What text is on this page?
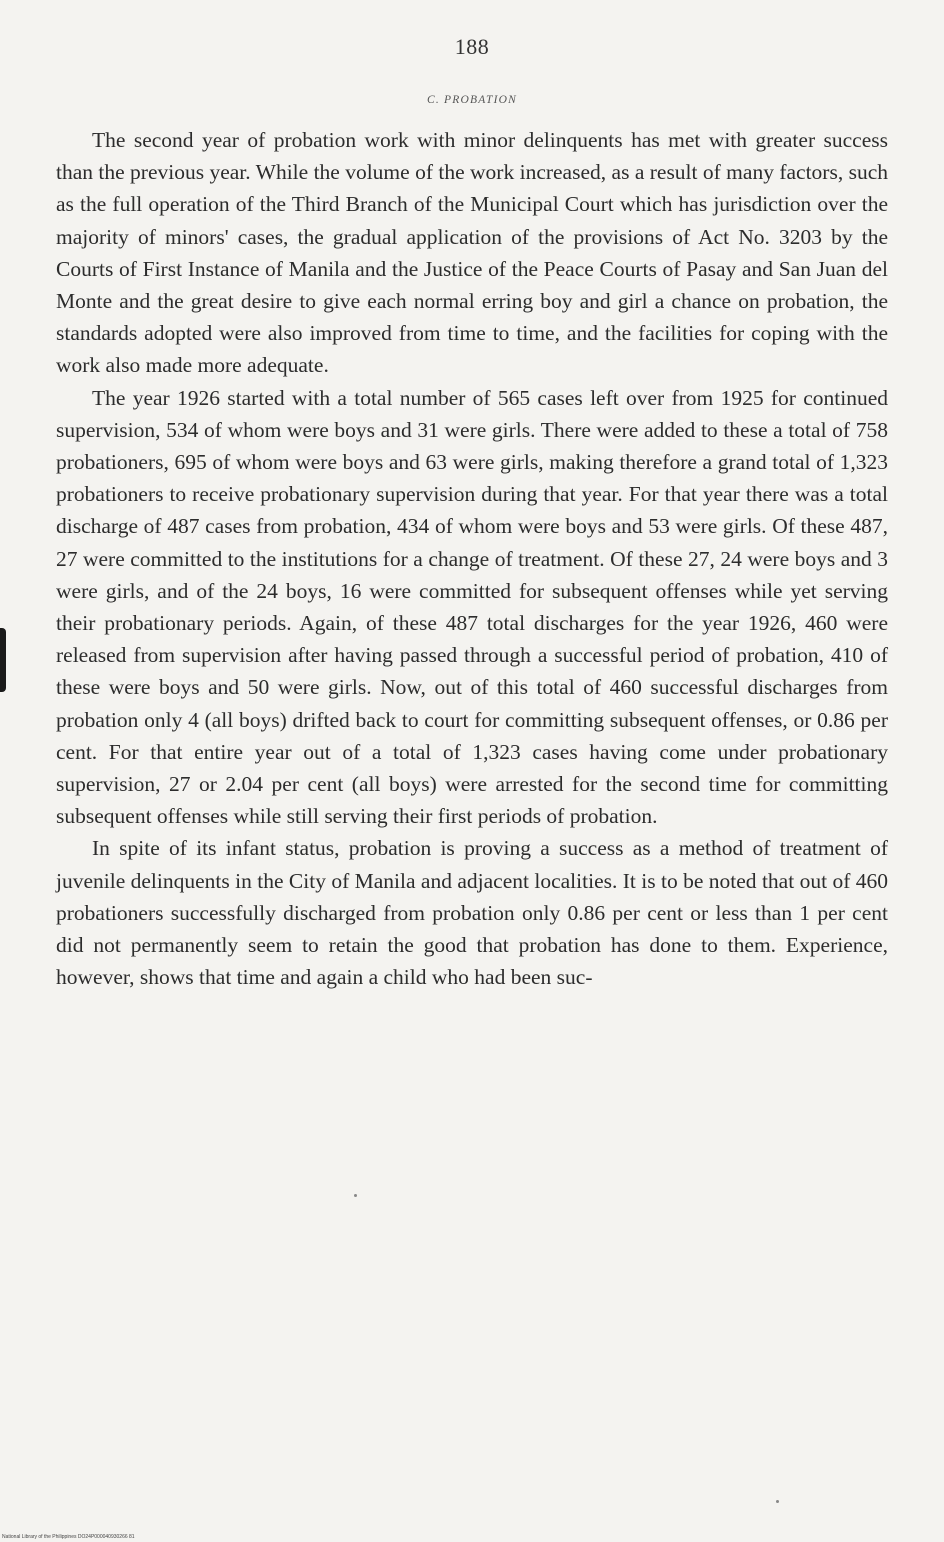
188
C. PROBATION

The second year of probation work with minor delinquents has met with greater success than the previous year. While the volume of the work increased, as a result of many factors, such as the full operation of the Third Branch of the Municipal Court which has jurisdiction over the majority of minors' cases, the gradual application of the provisions of Act No. 3203 by the Courts of First Instance of Manila and the Justice of the Peace Courts of Pasay and San Juan del Monte and the great desire to give each normal erring boy and girl a chance on probation, the standards adopted were also improved from time to time, and the facilities for coping with the work also made more adequate.

The year 1926 started with a total number of 565 cases left over from 1925 for continued supervision, 534 of whom were boys and 31 were girls. There were added to these a total of 758 probationers, 695 of whom were boys and 63 were girls, making therefore a grand total of 1,323 probationers to receive probationary supervision during that year. For that year there was a total discharge of 487 cases from probation, 434 of whom were boys and 53 were girls. Of these 487, 27 were committed to the institutions for a change of treatment. Of these 27, 24 were boys and 3 were girls, and of the 24 boys, 16 were committed for subsequent offenses while yet serving their probationary periods. Again, of these 487 total discharges for the year 1926, 460 were released from supervision after having passed through a successful period of probation, 410 of these were boys and 50 were girls. Now, out of this total of 460 successful discharges from probation only 4 (all boys) drifted back to court for committing subsequent offenses, or 0.86 per cent. For that entire year out of a total of 1,323 cases having come under probationary supervision, 27 or 2.04 per cent (all boys) were arrested for the second time for committing subsequent offenses while still serving their first periods of probation.

In spite of its infant status, probation is proving a success as a method of treatment of juvenile delinquents in the City of Manila and adjacent localities. It is to be noted that out of 460 probationers successfully discharged from probation only 0.86 per cent or less than 1 per cent did not permanently seem to retain the good that probation has done to them. Experience, however, shows that time and again a child who had been suc-

National Library of the Philippines DO24P000040930266 81
